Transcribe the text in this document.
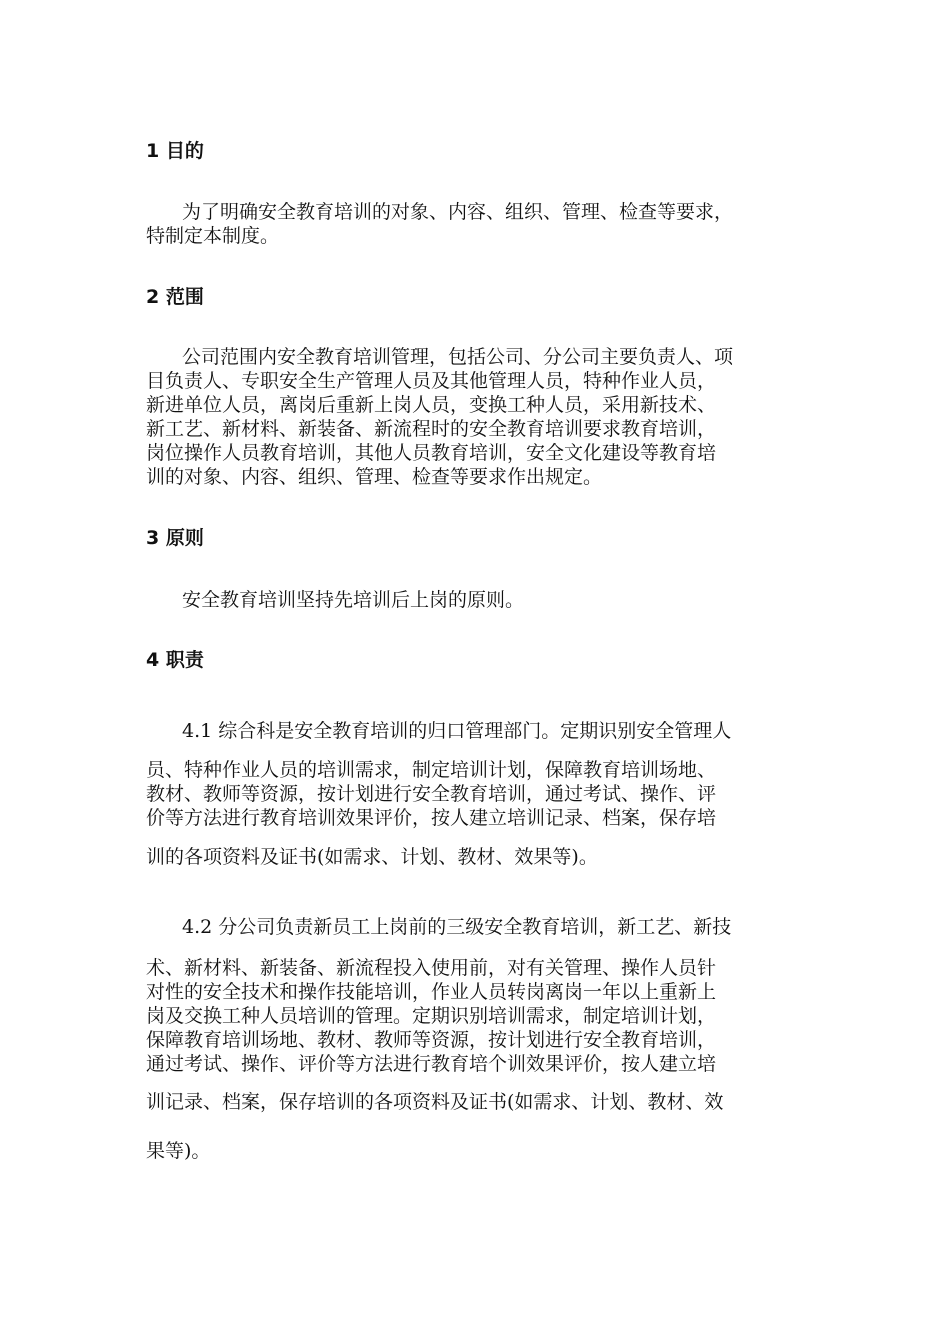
1 目的
为了明确安全教育培训的对象、内容、组织、管理、检查等要求，
特制定本制度。
2 范围
公司范围内安全教育培训管理，包括公司、分公司主要负责人、项
目负责人、专职安全生产管理人员及其他管理人员，特种作业人员，
新进单位人员，离岗后重新上岗人员，变换工种人员，采用新技术、
新工艺、新材料、新装备、新流程时的安全教育培训要求教育培训，
岗位操作人员教育培训，其他人员教育培训，安全文化建设等教育培
训的对象、内容、组织、管理、检查等要求作出规定。
3 原则
安全教育培训坚持先培训后上岗的原则。
4 职责
4.1 综合科是安全教育培训的归口管理部门。定期识别安全管理人
员、特种作业人员的培训需求，制定培训计划，保障教育培训场地、
教材、教师等资源，按计划进行安全教育培训，通过考试、操作、评
价等方法进行教育培训效果评价，按人建立培训记录、档案，保存培
训的各项资料及证书(如需求、计划、教材、效果等)。
4.2 分公司负责新员工上岗前的三级安全教育培训，新工艺、新技
术、新材料、新装备、新流程投入使用前，对有关管理、操作人员针
对性的安全技术和操作技能培训，作业人员转岗离岗一年以上重新上
岗及交换工种人员培训的管理。定期识别培训需求，制定培训计划，
保障教育培训场地、教材、教师等资源，按计划进行安全教育培训，
通过考试、操作、评价等方法进行教育培个训效果评价，按人建立培
训记录、档案，保存培训的各项资料及证书(如需求、计划、教材、效
果等)。
